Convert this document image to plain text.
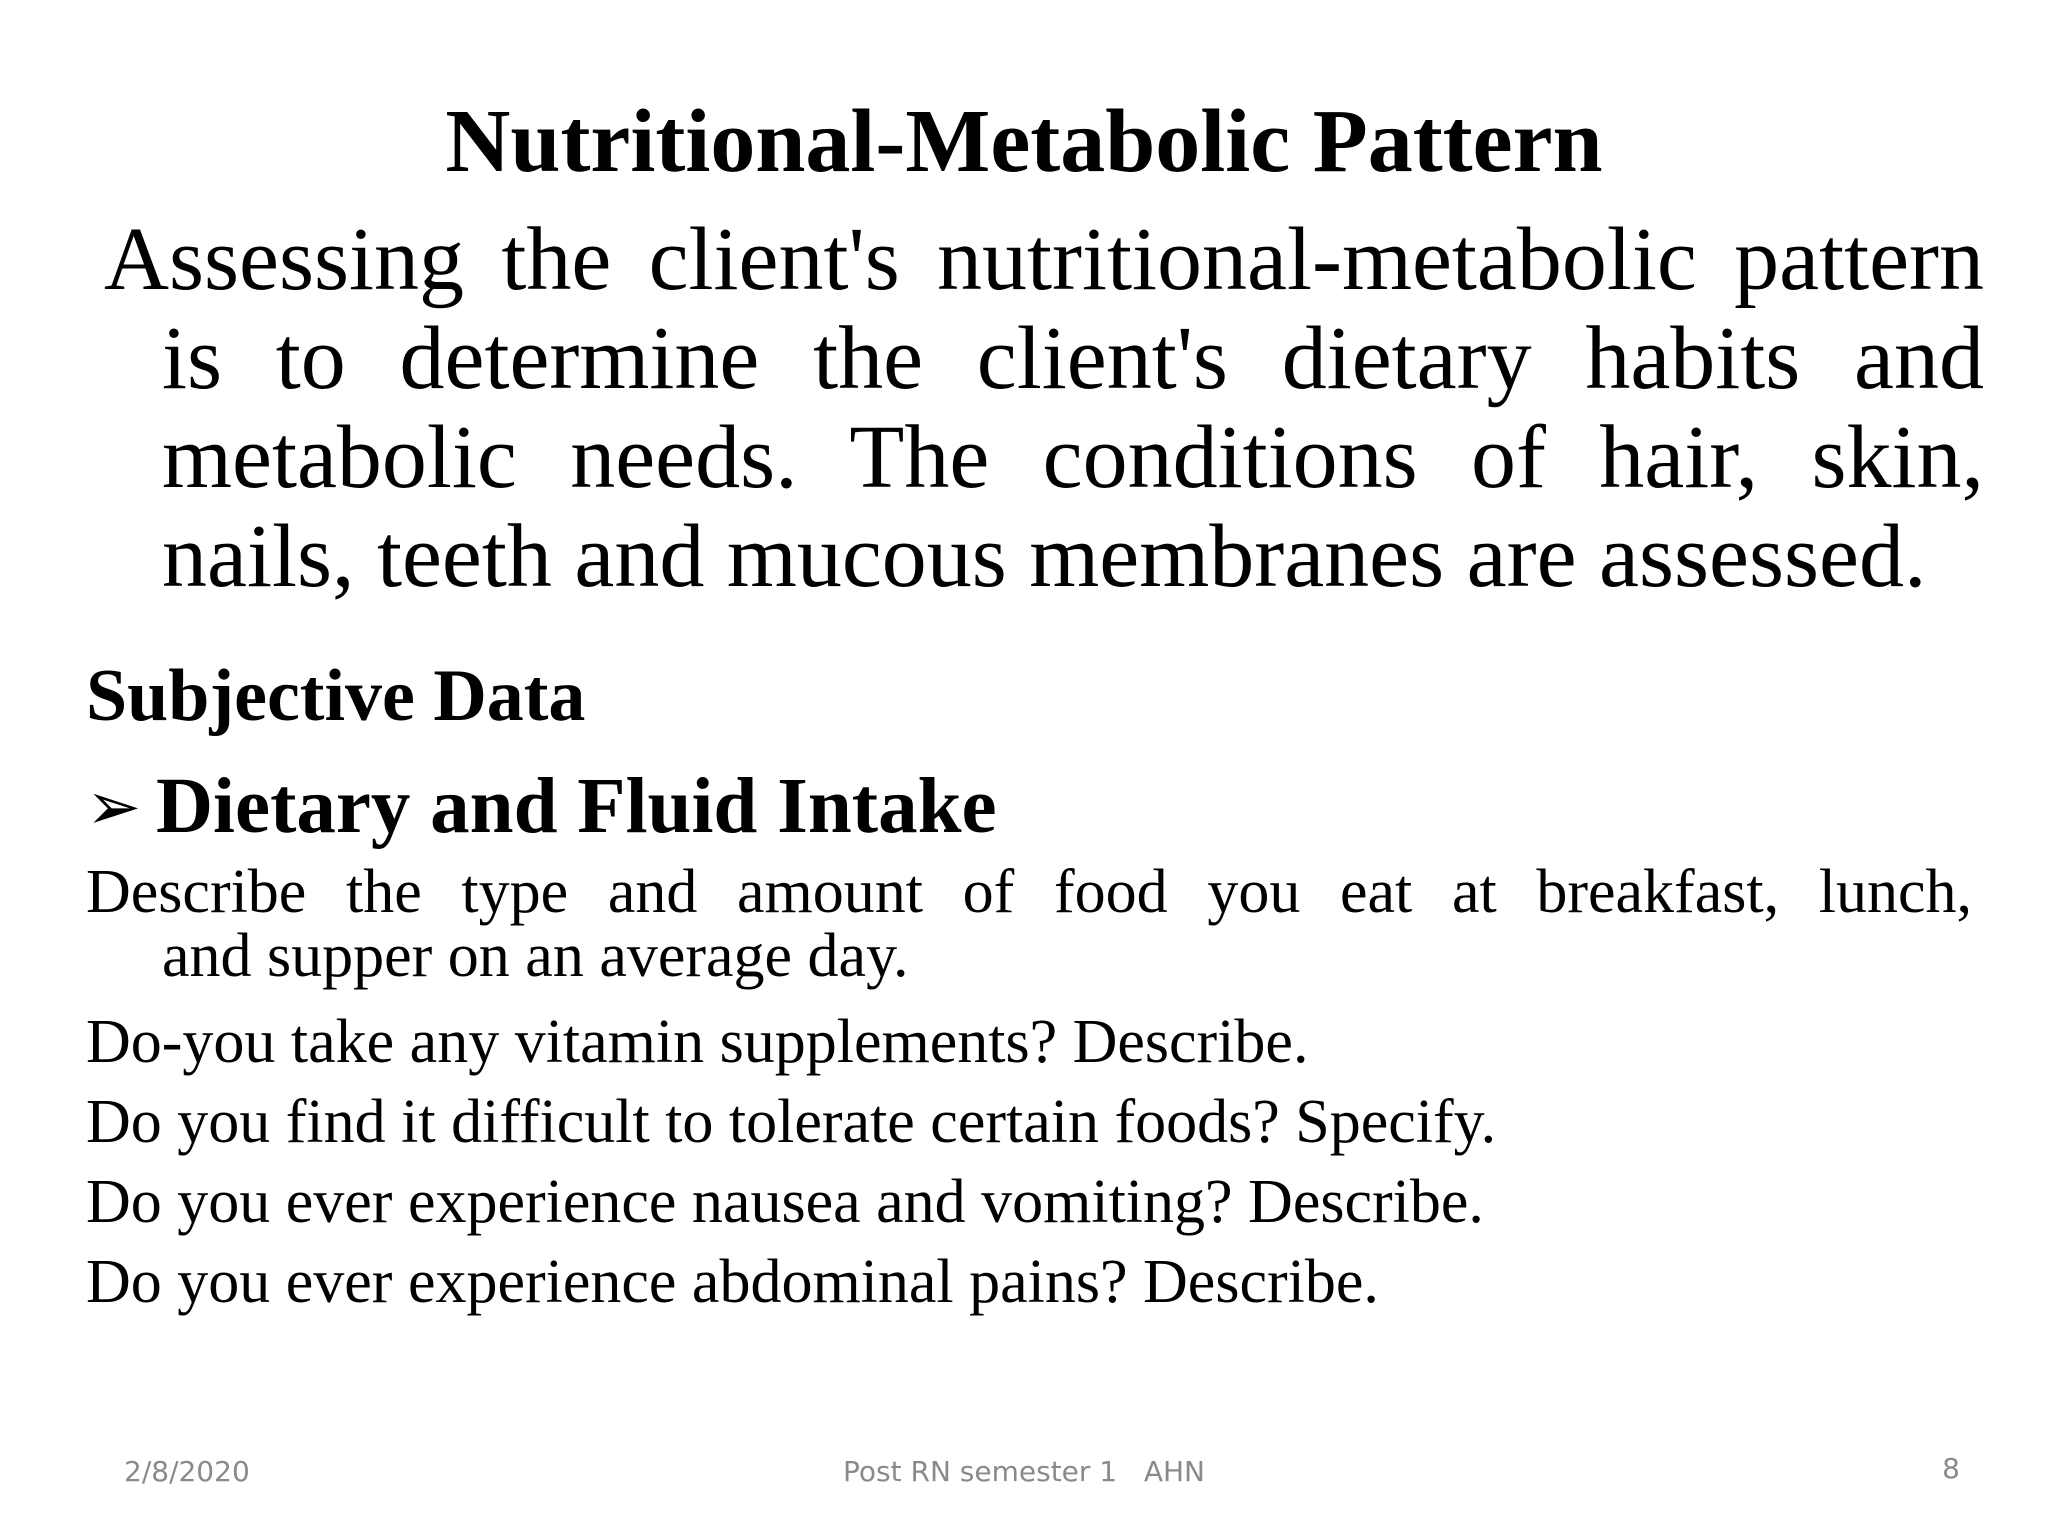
Nutritional-Metabolic Pattern

Assessing the client's nutritional-metabolic pattern
is to determine the client's dietary habits and
metabolic needs. The conditions of hair, skin,
nails, teeth and mucous membranes are assessed.

Subjective Data
➢ Dietary and Fluid Intake
Describe the type and amount of food you eat at breakfast, lunch,
and supper on an average day.
Do-you take any vitamin supplements? Describe.
Do you find it difficult to tolerate certain foods? Specify.
Do you ever experience nausea and vomiting? Describe.
Do you ever experience abdominal pains? Describe.
2/8/2020	Post RN semester 1   AHN	8
